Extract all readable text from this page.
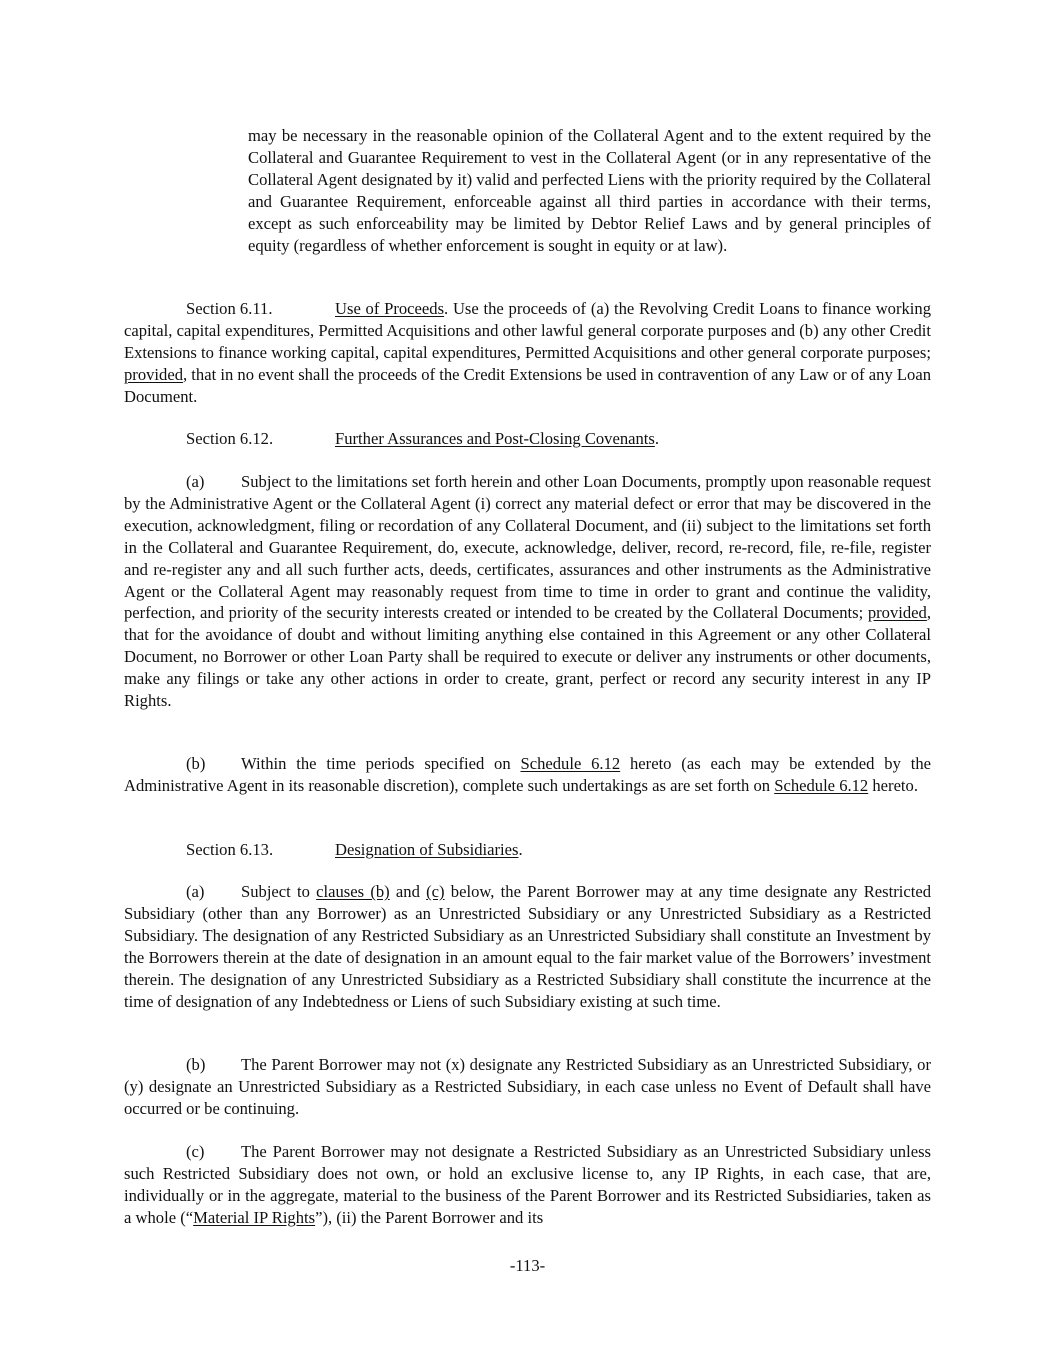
may be necessary in the reasonable opinion of the Collateral Agent and to the extent required by the Collateral and Guarantee Requirement to vest in the Collateral Agent (or in any representative of the Collateral Agent designated by it) valid and perfected Liens with the priority required by the Collateral and Guarantee Requirement, enforceable against all third parties in accordance with their terms, except as such enforceability may be limited by Debtor Relief Laws and by general principles of equity (regardless of whether enforcement is sought in equity or at law).

Section 6.11.	Use of Proceeds. Use the proceeds of (a) the Revolving Credit Loans to finance working capital, capital expenditures, Permitted Acquisitions and other lawful general corporate purposes and (b) any other Credit Extensions to finance working capital, capital expenditures, Permitted Acquisitions and other general corporate purposes; provided, that in no event shall the proceeds of the Credit Extensions be used in contravention of any Law or of any Loan Document.

Section 6.12.	Further Assurances and Post-Closing Covenants.

(a) Subject to the limitations set forth herein and other Loan Documents, promptly upon reasonable request by the Administrative Agent or the Collateral Agent (i) correct any material defect or error that may be discovered in the execution, acknowledgment, filing or recordation of any Collateral Document, and (ii) subject to the limitations set forth in the Collateral and Guarantee Requirement, do, execute, acknowledge, deliver, record, re-record, file, re-file, register and re-register any and all such further acts, deeds, certificates, assurances and other instruments as the Administrative Agent or the Collateral Agent may reasonably request from time to time in order to grant and continue the validity, perfection, and priority of the security interests created or intended to be created by the Collateral Documents; provided, that for the avoidance of doubt and without limiting anything else contained in this Agreement or any other Collateral Document, no Borrower or other Loan Party shall be required to execute or deliver any instruments or other documents, make any filings or take any other actions in order to create, grant, perfect or record any security interest in any IP Rights.

(b) Within the time periods specified on Schedule 6.12 hereto (as each may be extended by the Administrative Agent in its reasonable discretion), complete such undertakings as are set forth on Schedule 6.12 hereto.

Section 6.13.	Designation of Subsidiaries.

(a) Subject to clauses (b) and (c) below, the Parent Borrower may at any time designate any Restricted Subsidiary (other than any Borrower) as an Unrestricted Subsidiary or any Unrestricted Subsidiary as a Restricted Subsidiary. The designation of any Restricted Subsidiary as an Unrestricted Subsidiary shall constitute an Investment by the Borrowers therein at the date of designation in an amount equal to the fair market value of the Borrowers’ investment therein. The designation of any Unrestricted Subsidiary as a Restricted Subsidiary shall constitute the incurrence at the time of designation of any Indebtedness or Liens of such Subsidiary existing at such time.

(b) The Parent Borrower may not (x) designate any Restricted Subsidiary as an Unrestricted Subsidiary, or (y) designate an Unrestricted Subsidiary as a Restricted Subsidiary, in each case unless no Event of Default shall have occurred or be continuing.

(c) The Parent Borrower may not designate a Restricted Subsidiary as an Unrestricted Subsidiary unless such Restricted Subsidiary does not own, or hold an exclusive license to, any IP Rights, in each case, that are, individually or in the aggregate, material to the business of the Parent Borrower and its Restricted Subsidiaries, taken as a whole (“Material IP Rights”), (ii) the Parent Borrower and its

-113-
